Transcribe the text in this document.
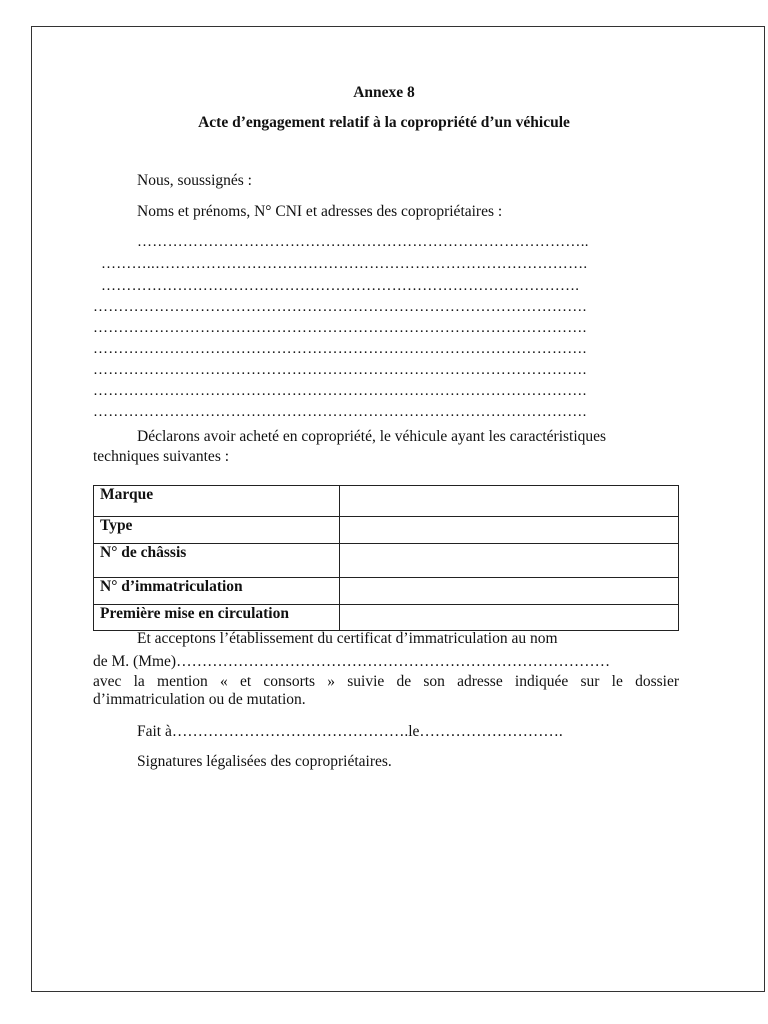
Annexe 8
Acte d’engagement relatif à la copropriété d’un véhicule
Nous, soussignés :
Noms et prénoms, N° CNI et adresses des copropriétaires :
……………………………………………………………………………..
………..………………………………………………………………………….
………………………………………………………………………………….
…………………………………………………………………………………….
…………………………………………………………………………………….
…………………………………………………………………………………….
…………………………………………………………………………………….
…………………………………………………………………………………….
…………………………………………………………………………………….
Déclarons avoir acheté en copropriété, le véhicule ayant les caractéristiques
techniques suivantes :
Marque	
Type	
N° de châssis	
N° d’immatriculation	
Première mise en circulation	
Et acceptons l’établissement du certificat d’immatriculation au nom
de M. (Mme)…………………………………………………………………………
avec la mention « et consorts » suivie de son adresse indiquée sur le dossier
d’immatriculation ou de mutation.
Fait à……………………………………….le……………………….
Signatures légalisées des copropriétaires.
